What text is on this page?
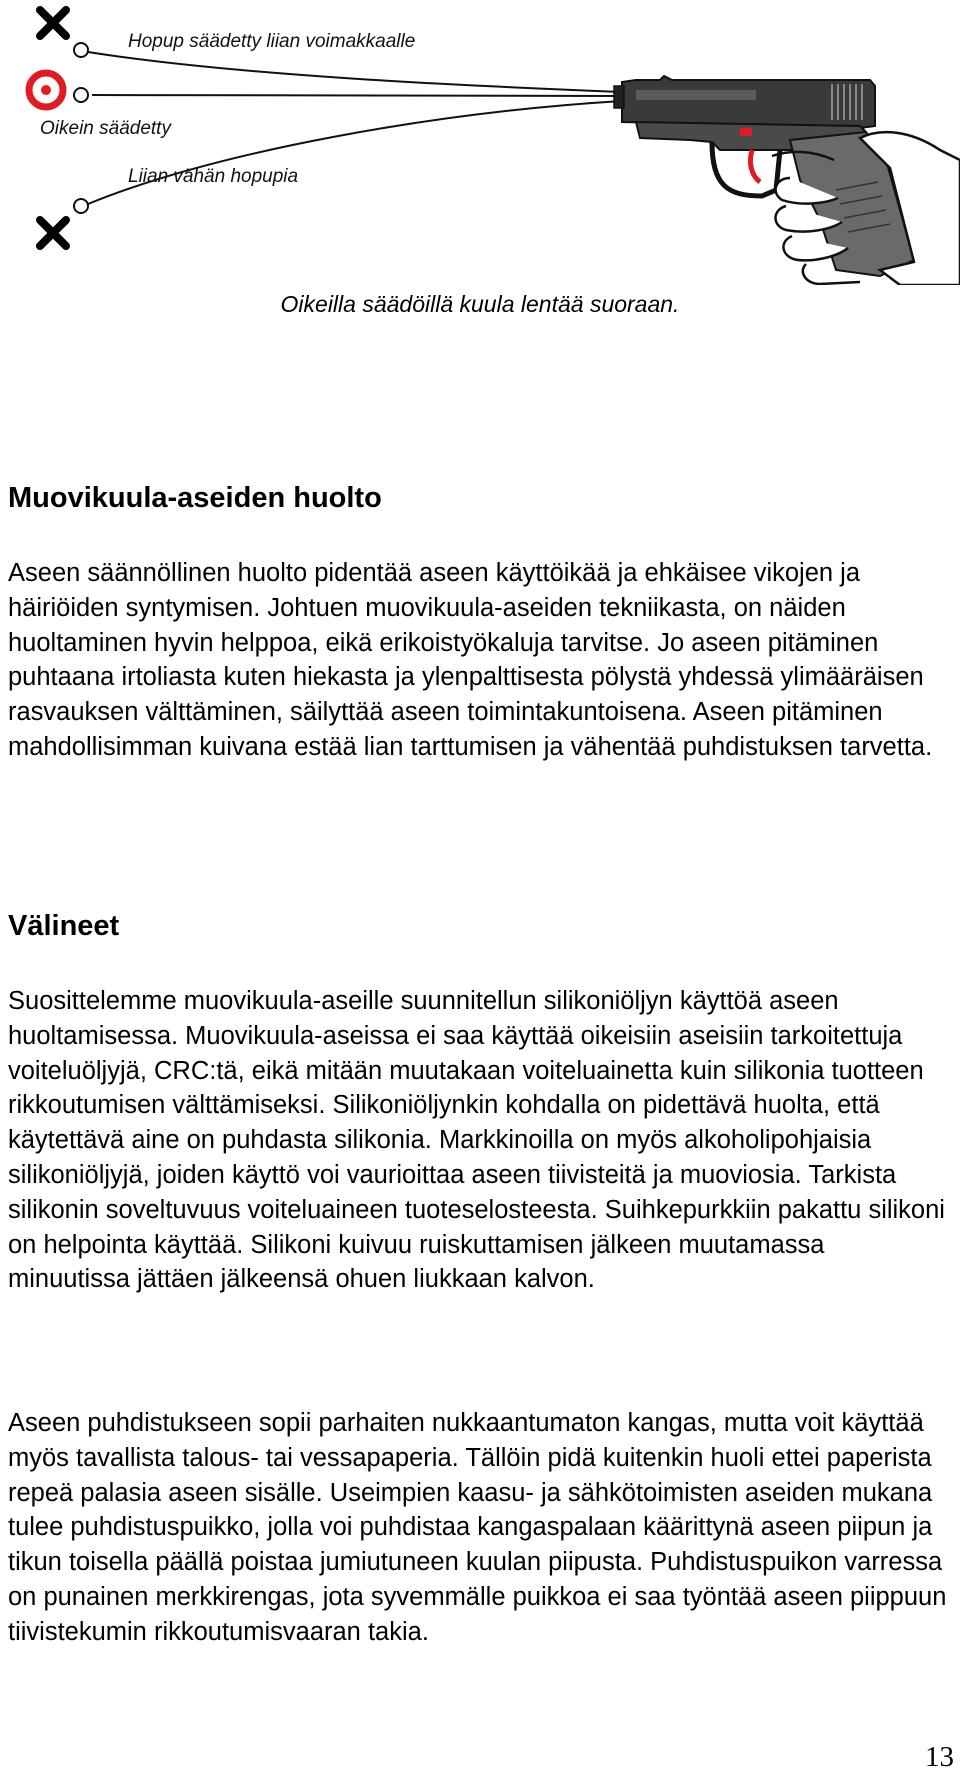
Hopup säädetty liian voimakkaalle
Oikein säädetty
Liian vähän hopupia
Oikeilla säädöillä kuula lentää suoraan.
Muovikuula-aseiden huolto

Aseen säännöllinen huolto pidentää aseen käyttöikää ja ehkäisee vikojen ja häiriöiden syntymisen. Johtuen muovikuula-aseiden tekniikasta, on näiden huoltaminen hyvin helppoa, eikä erikoistyökaluja tarvitse. Jo aseen pitäminen puhtaana irtoliasta kuten hiekasta ja ylenpalttisesta pölystä yhdessä ylimääräisen rasvauksen välttäminen, säilyttää aseen toimintakuntoisena. Aseen pitäminen mahdollisimman kuivana estää lian tarttumisen ja vähentää puhdistuksen tarvetta.

Välineet

Suosittelemme muovikuula-aseille suunnitellun silikoniöljyn käyttöä aseen huoltamisessa. Muovikuula-aseissa ei saa käyttää oikeisiin aseisiin tarkoitettuja voiteluöljyjä, CRC:tä, eikä mitään muutakaan voiteluainetta kuin silikonia tuotteen rikkoutumisen välttämiseksi. Silikoniöljynkin kohdalla on pidettävä huolta, että käytettävä aine on puhdasta silikonia. Markkinoilla on myös alkoholipohjaisia silikoniöljyjä, joiden käyttö voi vaurioittaa aseen tiivisteitä ja muoviosia. Tarkista silikonin soveltuvuus voiteluaineen tuoteselosteesta. Suihkepurkkiin pakattu silikoni on helpointa käyttää. Silikoni kuivuu ruiskuttamisen jälkeen muutamassa minuutissa jättäen jälkeensä ohuen liukkaan kalvon.

Aseen puhdistukseen sopii parhaiten nukkaantumaton kangas, mutta voit käyttää myös tavallista talous- tai vessapaperia. Tällöin pidä kuitenkin huoli ettei paperista repeä palasia aseen sisälle. Useimpien kaasu- ja sähkötoimisten aseiden mukana tulee puhdistuspuikko, jolla voi puhdistaa kangaspalaan käärittynä aseen piipun ja tikun toisella päällä poistaa jumiutuneen kuulan piipusta. Puhdistuspuikon varressa on punainen merkkirengas, jota syvemmälle puikkoa ei saa työntää aseen piippuun tiivistekumin rikkoutumisvaaran takia.

13
